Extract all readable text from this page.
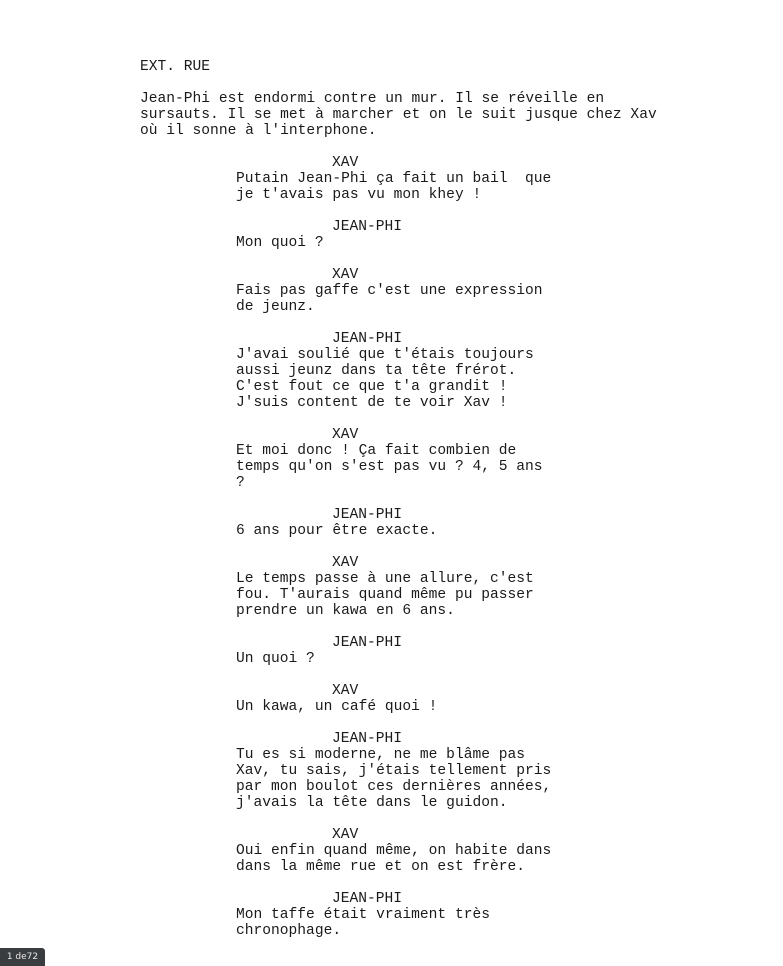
EXT. RUE

Jean-Phi est endormi contre un mur. Il se réveille en

sursauts. Il se met à marcher et on le suit jusque chez Xav

où il sonne à l'interphone.

XAV

Putain Jean-Phi ça fait un bail  que

je t'avais pas vu mon khey !

JEAN-PHI

Mon quoi ?

XAV

Fais pas gaffe c'est une expression

de jeunz.

JEAN-PHI

J'avai soulié que t'étais toujours

aussi jeunz dans ta tête frérot.

C'est fout ce que t'a grandit !

J'suis content de te voir Xav !

XAV

Et moi donc ! Ça fait combien de

temps qu'on s'est pas vu ? 4, 5 ans

?

JEAN-PHI

6 ans pour être exacte.

XAV

Le temps passe à une allure, c'est

fou. T'aurais quand même pu passer

prendre un kawa en 6 ans.

JEAN-PHI

Un quoi ?

XAV

Un kawa, un café quoi !

JEAN-PHI

Tu es si moderne, ne me blâme pas

Xav, tu sais, j'étais tellement pris

par mon boulot ces dernières années,

j'avais la tête dans le guidon.

XAV

Oui enfin quand même, on habite dans

dans la même rue et on est frère.

JEAN-PHI

Mon taffe était vraiment très

chronophage.

1 de72
